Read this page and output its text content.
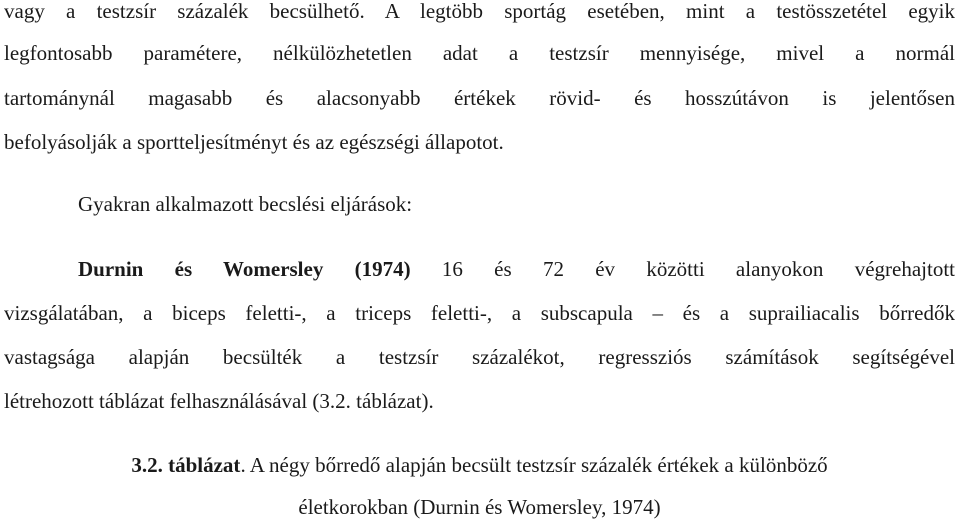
vagy a testzsír százalék becsülhető. A legtöbb sportág esetében, mint a testösszetétel egyik
legfontosabb paramétere, nélkülözhetetlen adat a testzsír mennyisége, mivel a normál
tartománynál magasabb és alacsonyabb értékek rövid- és hosszútávon is jelentősen
befolyásolják a sportteljesítményt és az egészségi állapotot.
Gyakran alkalmazott becslési eljárások:
Durnin és Womersley (1974) 16 és 72 év közötti alanyokon végrehajtott
vizsgálatában, a biceps feletti-, a triceps feletti-, a subscapula – és a suprailiacalis bőrredők
vastagsága alapján becsülték a testzsír százalékot, regressziós számítások segítségével
létrehozott táblázat felhasználásával (3.2. táblázat).
3.2. táblázat. A négy bőrredő alapján becsült testzsír százalék értékek a különböző
életkorokban (Durnin és Womersley, 1974)
